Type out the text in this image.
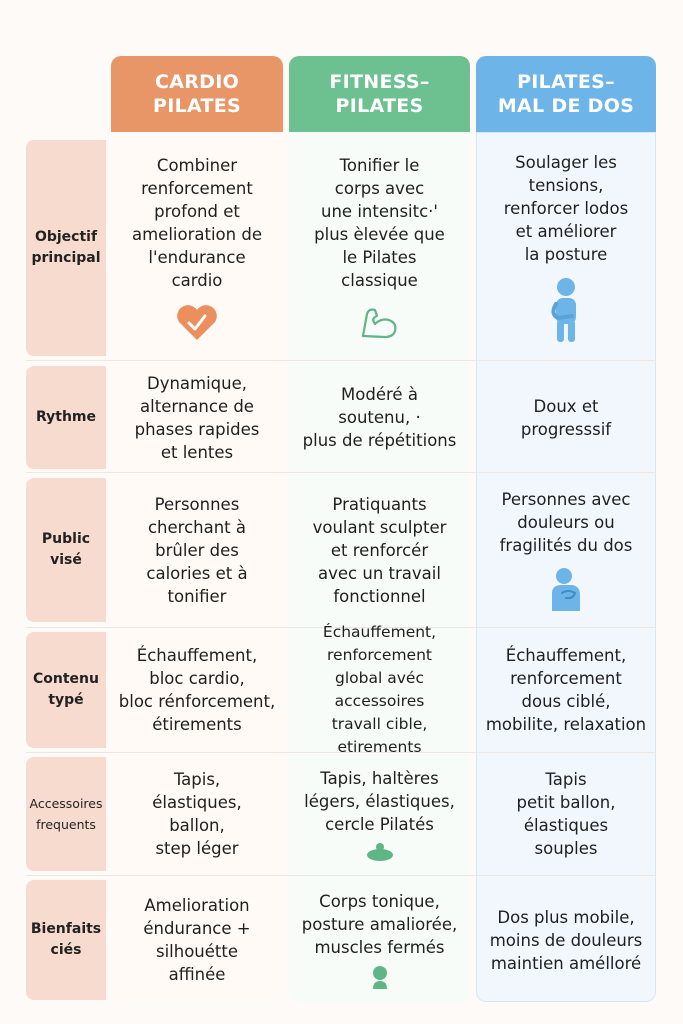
CARDIO
PILATES
FITNESS–
PILATES
PILATES–
MAL DE DOS
Objectif
principal
Combiner
renforcement
profond et
amelioration de
l'endurance
cardio
Tonifier le
corps avec
une intensitc·'
plus èlevée que
le Pilates
classique
Soulager les
tensions,
renforcer lodos
et améliorer
la posture
Rythme
Dynamique,
alternance de
phases rapides
et lentes
Modéré à
soutenu, ·
plus de répétitions
Doux et
progresssif
Public
visé
Personnes
cherchant à
brûler des
calories et à
tonifier
Pratiquants
voulant sculpter
et renforcér
avec un travail
fonctionnel
Personnes avec
douleurs ou
fragilités du dos
Contenu
typé
Échauffement,
bloc cardio,
bloc rénforcement,
étirements
Échauffement,
renforcement
global avéc accessoires
travall cible, etirements
Échauffement,
renforcement
dous ciblé,
mobilite, relaxation
Accessoires
frequents
Tapis,
élastiques,
ballon,
step léger
Tapis, haltères
légers, élastiques,
cercle Pilatés
Tapis
petit ballon,
élastiques
souples
Bienfaits
ciés
Amelioration
éndurance +
silhouétte
affinée
Corps tonique,
posture amaliorée,
muscles fermés
Dos plus mobile,
moins de douleurs
maintien amélloré
